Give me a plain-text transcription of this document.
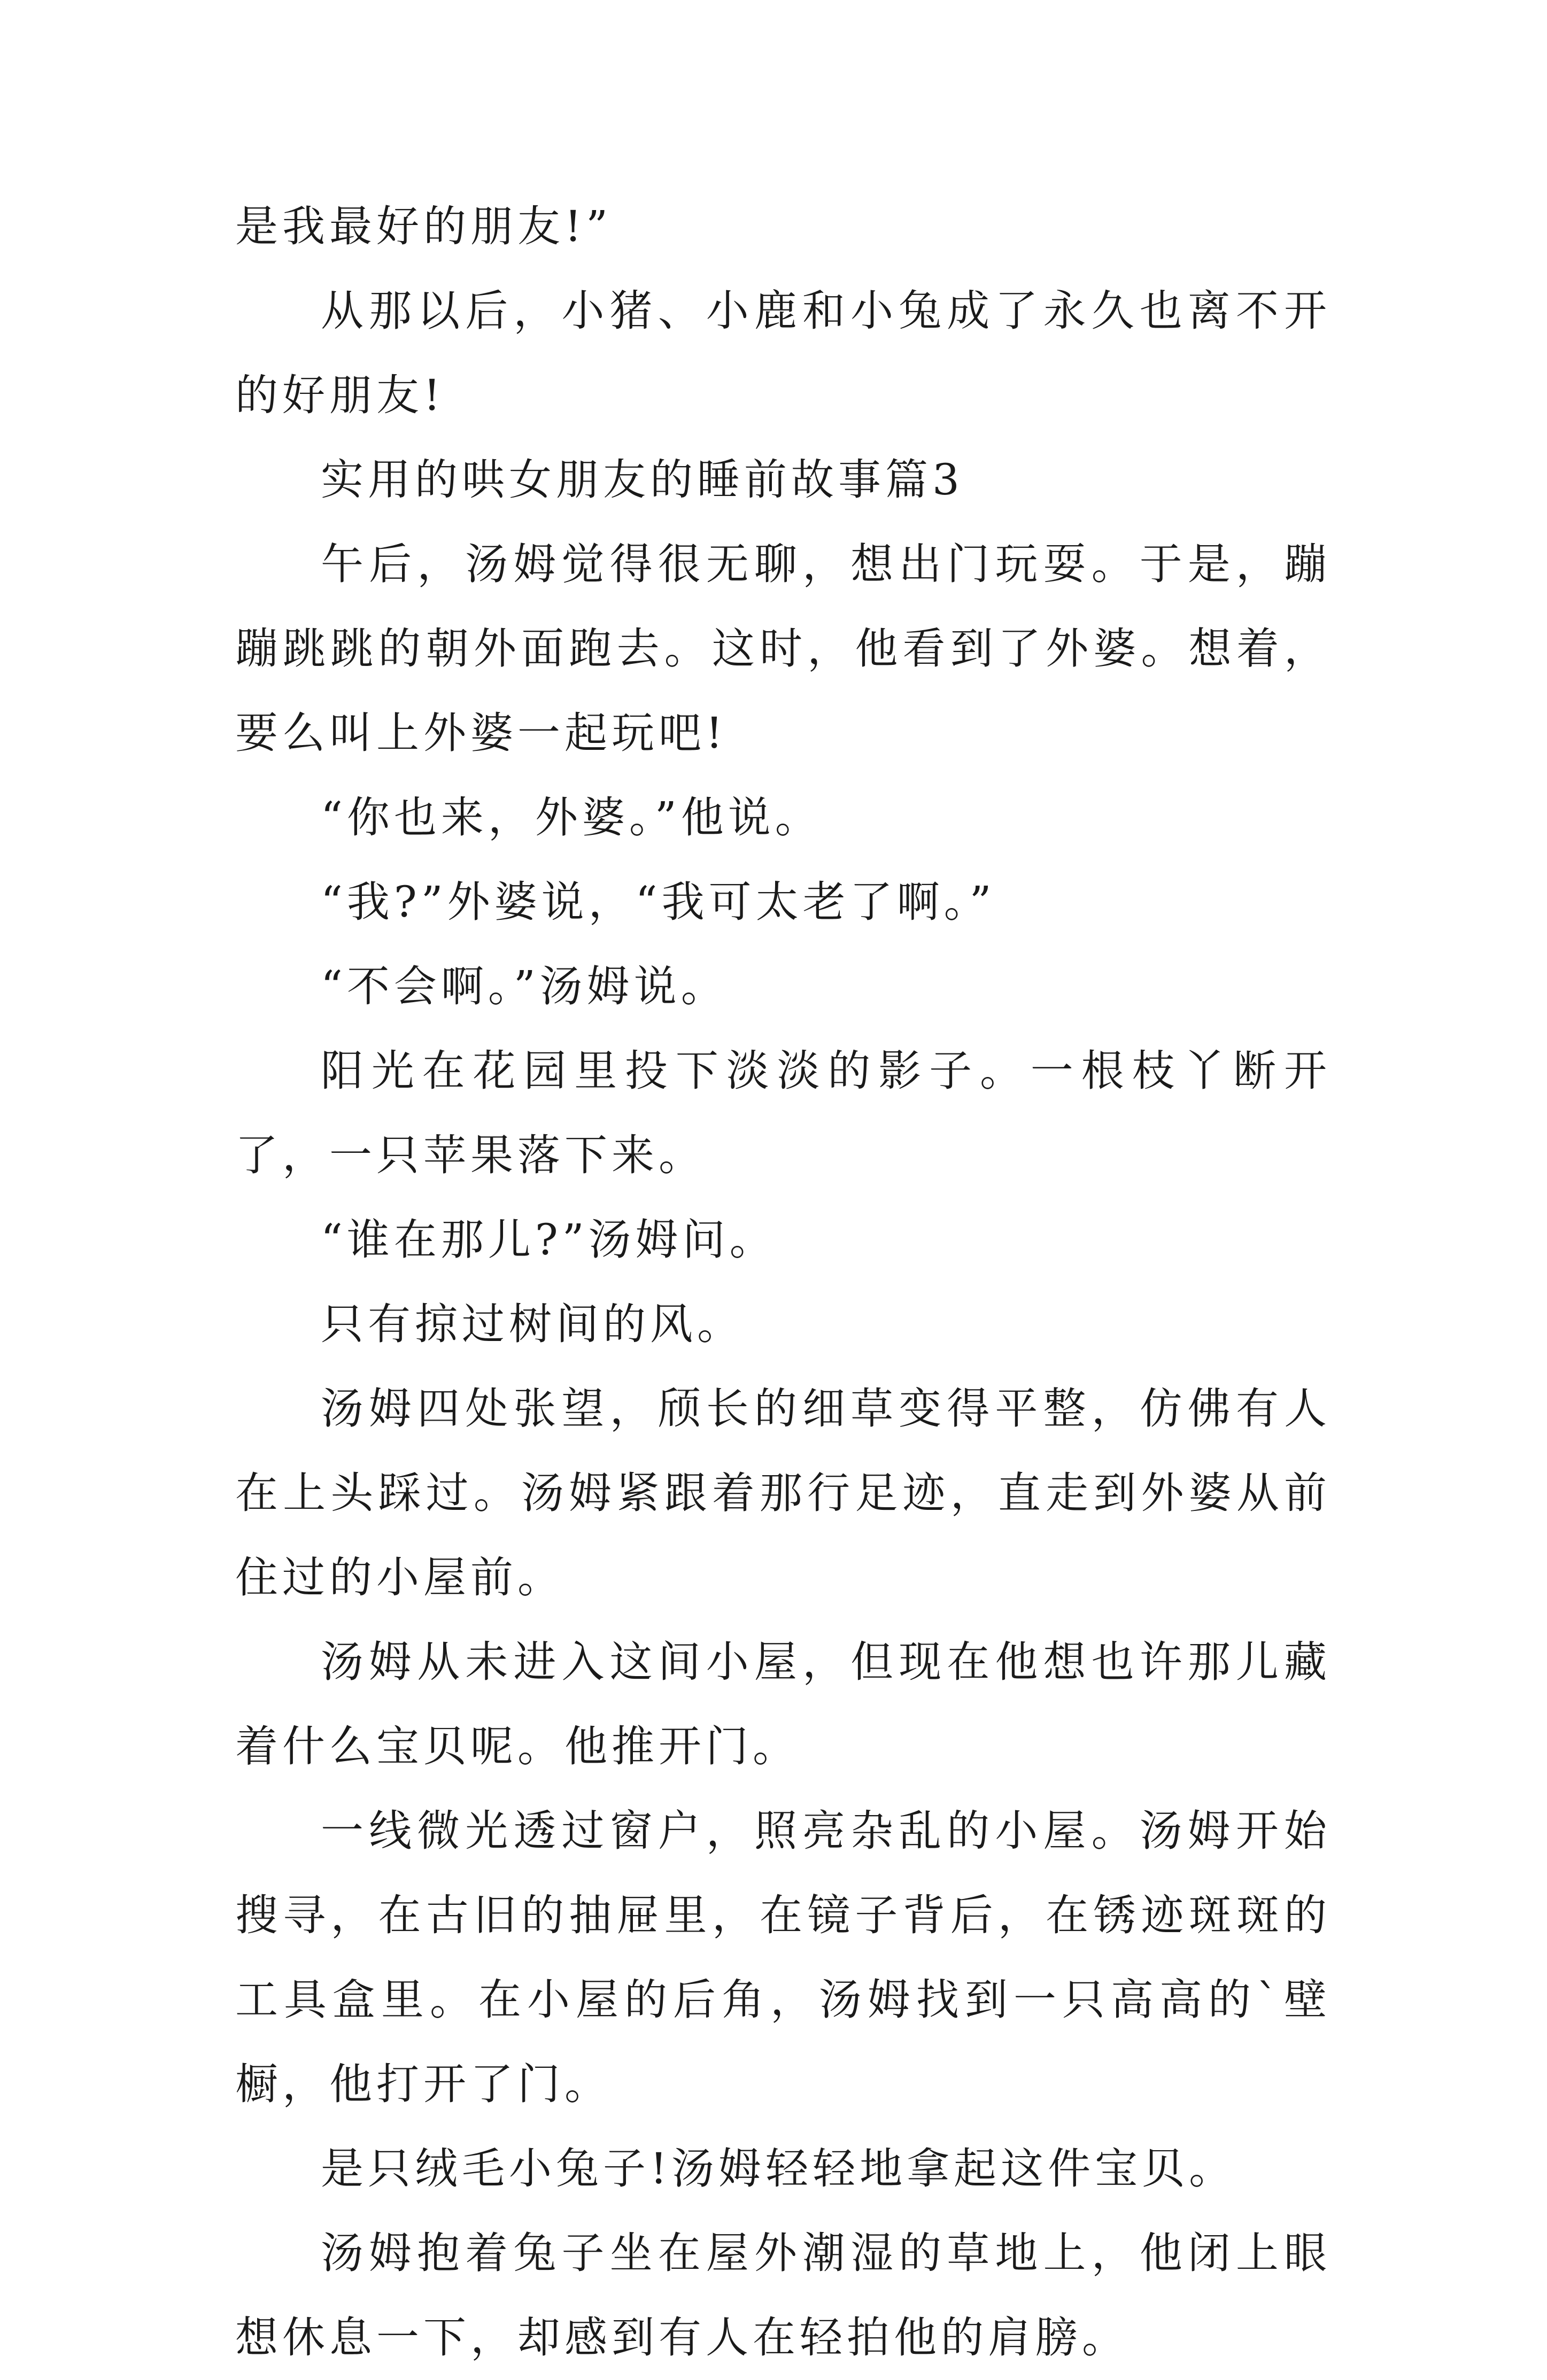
是我最好的朋友!”

从那以后，小猪、小鹿和小兔成了永久也离不开的好朋友!

实用的哄女朋友的睡前故事篇3

午后，汤姆觉得很无聊，想出门玩耍。于是，蹦蹦跳跳的朝外面跑去。这时，他看到了外婆。想着，要么叫上外婆一起玩吧!

“你也来，外婆。”他说。

“我?”外婆说，“我可太老了啊。”

“不会啊。”汤姆说。

阳光在花园里投下淡淡的影子。一根枝丫断开了，一只苹果落下来。

“谁在那儿?”汤姆问。

只有掠过树间的风。

汤姆四处张望，颀长的细草变得平整，仿佛有人在上头踩过。汤姆紧跟着那行足迹，直走到外婆从前住过的小屋前。

汤姆从未进入这间小屋，但现在他想也许那儿藏着什么宝贝呢。他推开门。

一线微光透过窗户，照亮杂乱的小屋。汤姆开始搜寻，在古旧的抽屉里，在镜子背后，在锈迹斑斑的工具盒里。在小屋的后角，汤姆找到一只高高的`壁橱，他打开了门。

是只绒毛小兔子!汤姆轻轻地拿起这件宝贝。

汤姆抱着兔子坐在屋外潮湿的草地上，他闭上眼想休息一下，却感到有人在轻拍他的肩膀。
